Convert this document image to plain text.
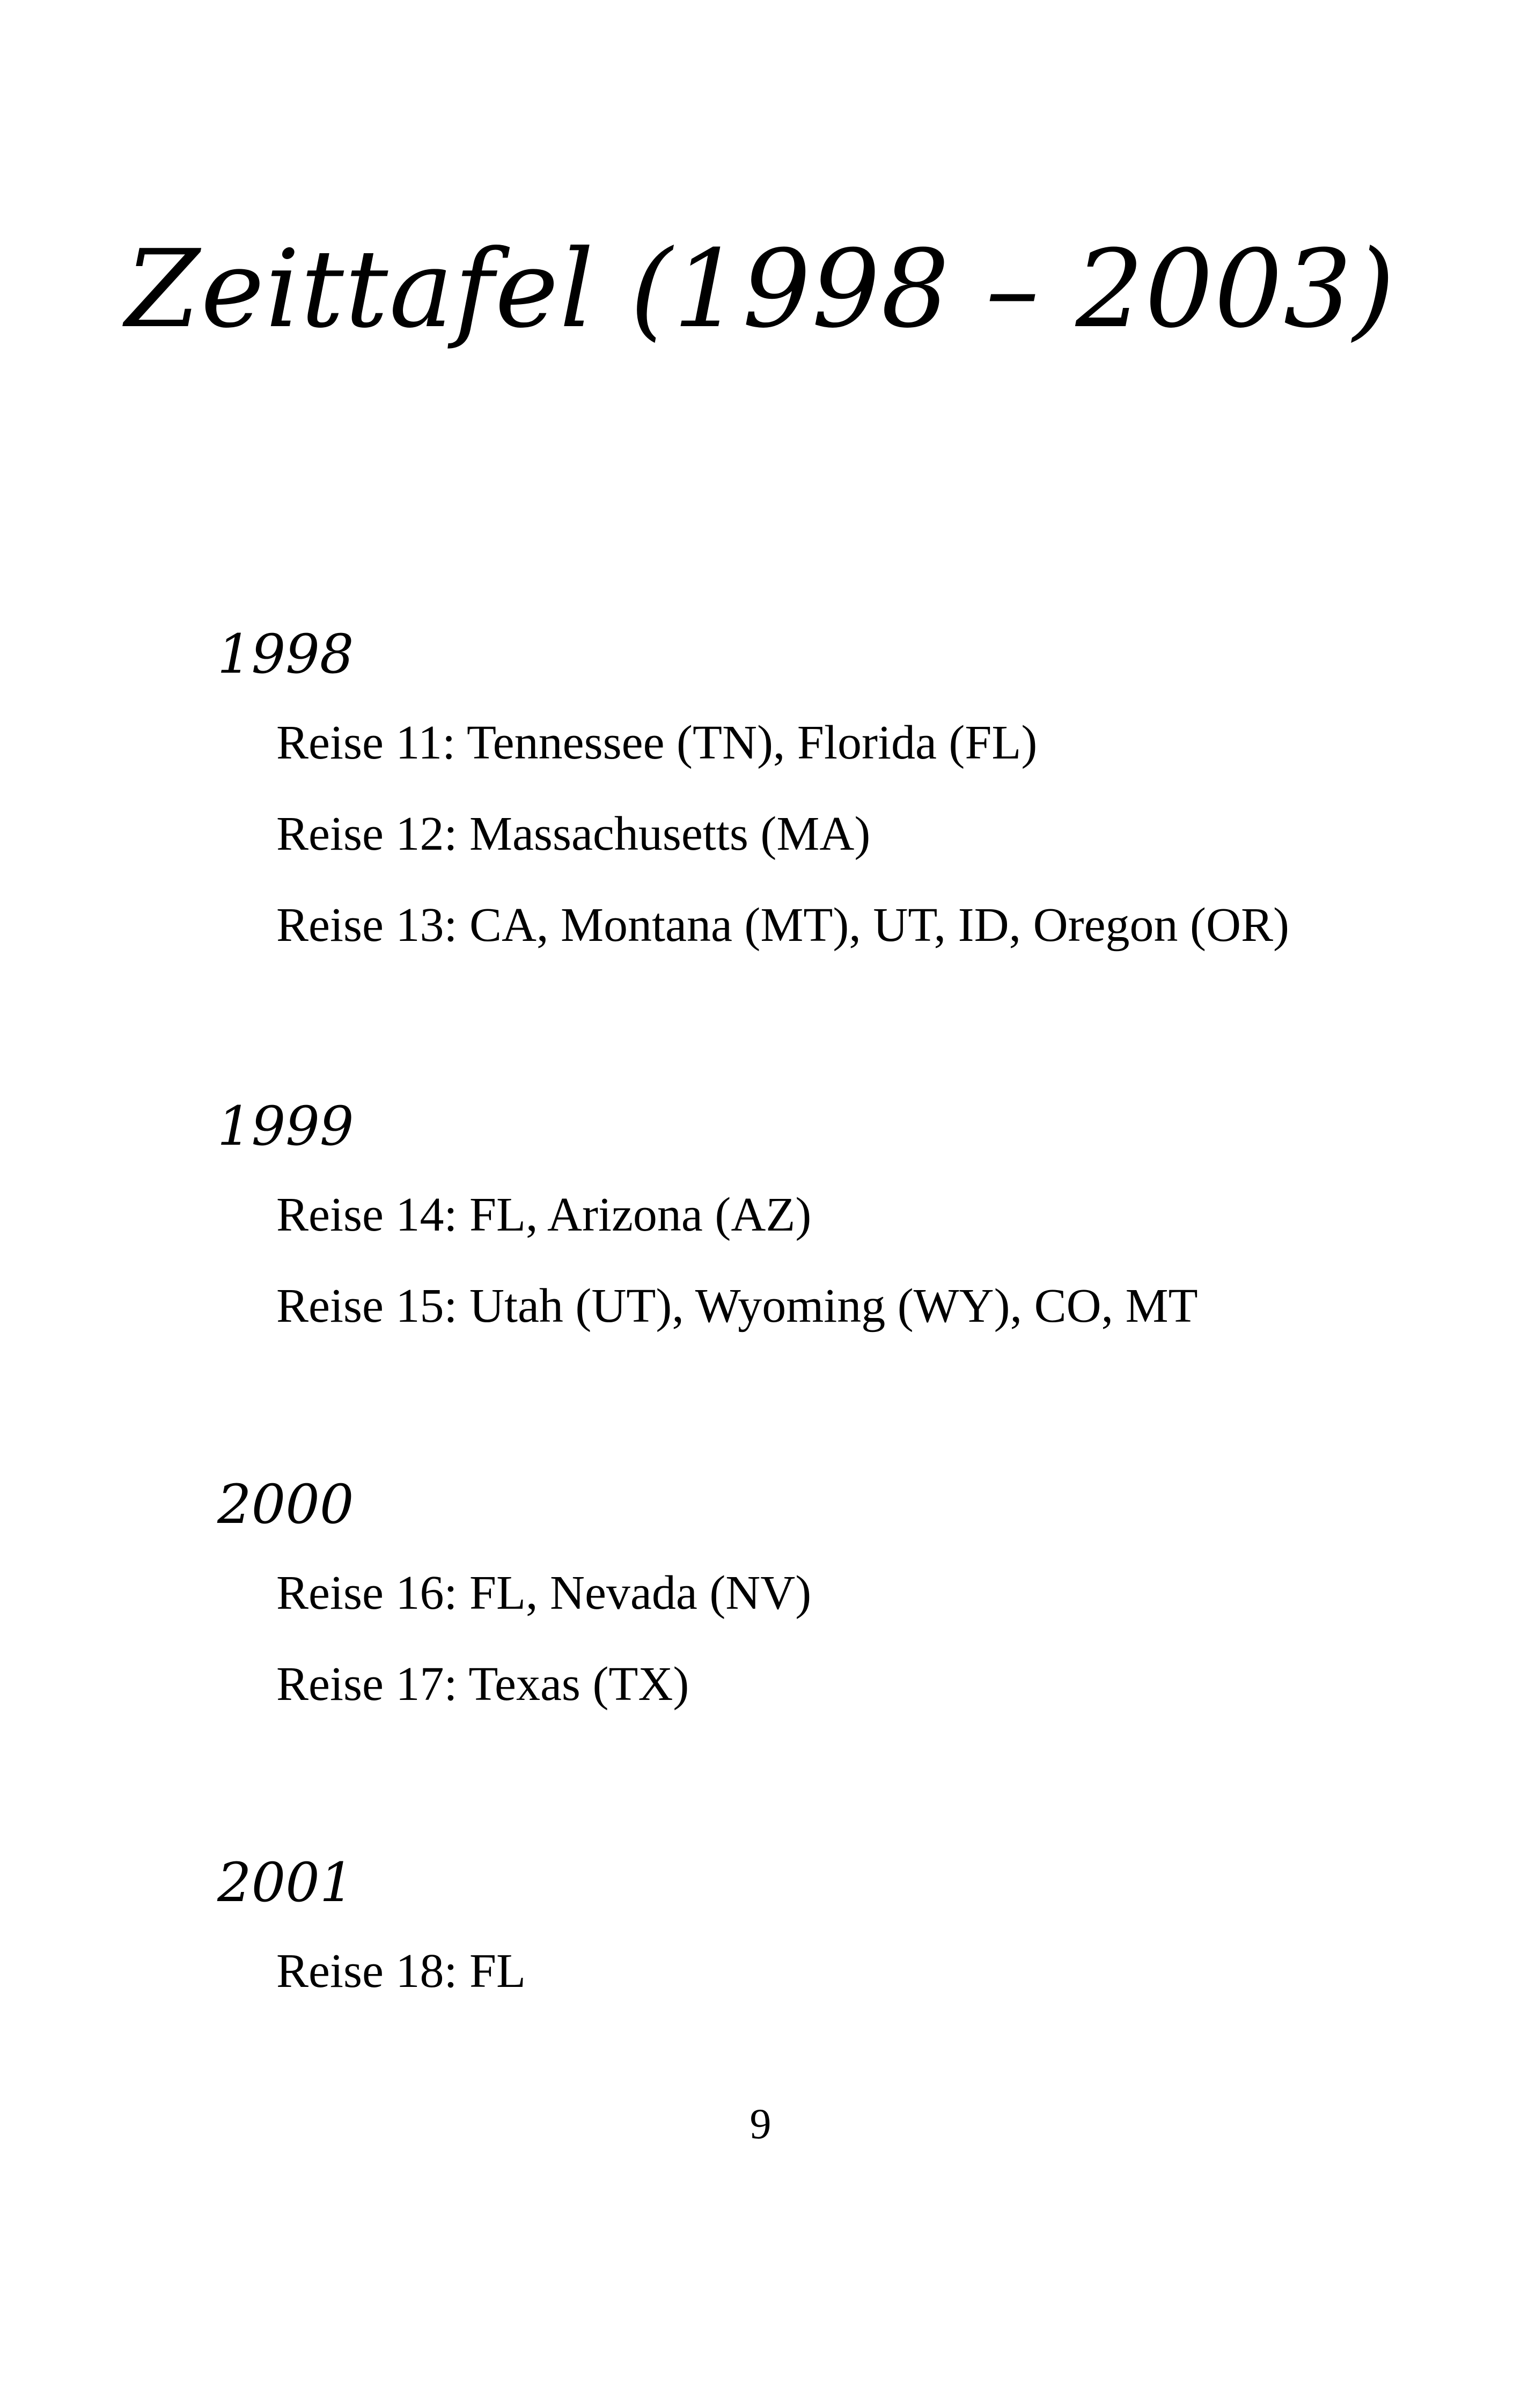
Zeittafel (1998 – 2003)
1998
Reise 11: Tennessee (TN), Florida (FL)
Reise 12: Massachusetts (MA)
Reise 13: CA, Montana (MT), UT, ID, Oregon (OR)
1999
Reise 14: FL, Arizona (AZ)
Reise 15: Utah (UT), Wyoming (WY), CO, MT
2000
Reise 16: FL, Nevada (NV)
Reise 17: Texas (TX)
2001
Reise 18: FL
9
